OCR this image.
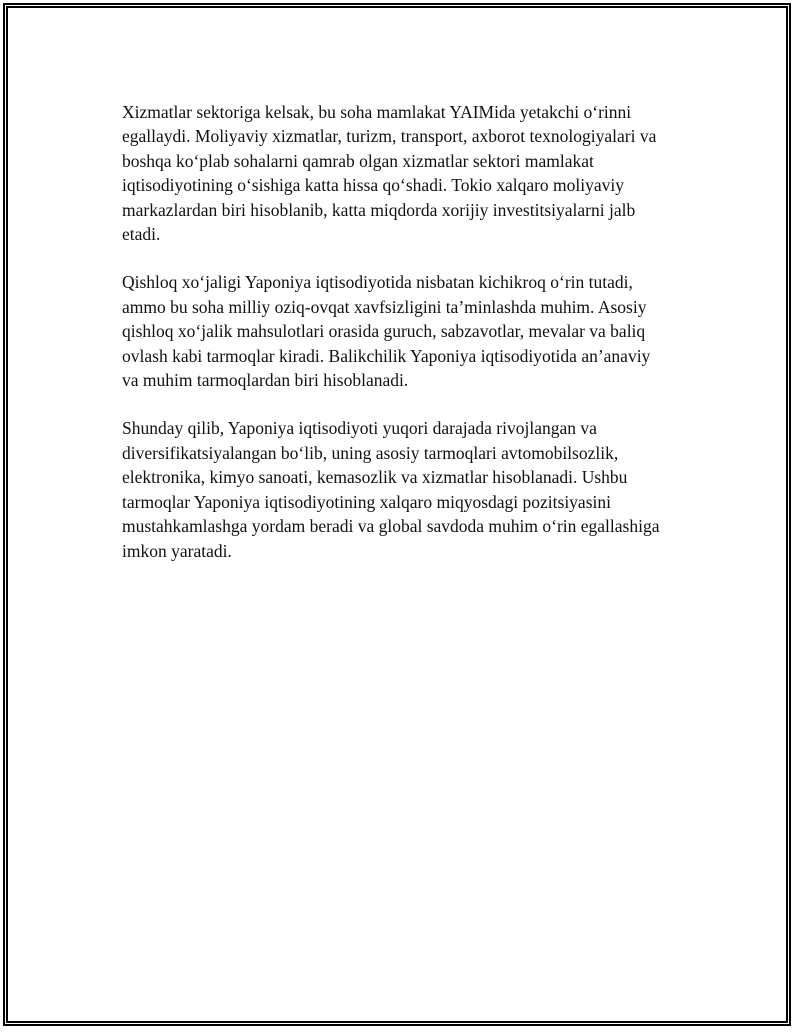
Xizmatlar sektoriga kelsak, bu soha mamlakat YAIMida yetakchi o‘rinni
egallaydi. Moliyaviy xizmatlar, turizm, transport, axborot texnologiyalari va
boshqa ko‘plab sohalarni qamrab olgan xizmatlar sektori mamlakat
iqtisodiyotining o‘sishiga katta hissa qo‘shadi. Tokio xalqaro moliyaviy
markazlardan biri hisoblanib, katta miqdorda xorijiy investitsiyalarni jalb
etadi.

Qishloq xo‘jaligi Yaponiya iqtisodiyotida nisbatan kichikroq o‘rin tutadi,
ammo bu soha milliy oziq-ovqat xavfsizligini ta’minlashda muhim. Asosiy
qishloq xo‘jalik mahsulotlari orasida guruch, sabzavotlar, mevalar va baliq
ovlash kabi tarmoqlar kiradi. Balikchilik Yaponiya iqtisodiyotida an’anaviy
va muhim tarmoqlardan biri hisoblanadi.

Shunday qilib, Yaponiya iqtisodiyoti yuqori darajada rivojlangan va
diversifikatsiyalangan bo‘lib, uning asosiy tarmoqlari avtomobilsozlik,
elektronika, kimyo sanoati, kemasozlik va xizmatlar hisoblanadi. Ushbu
tarmoqlar Yaponiya iqtisodiyotining xalqaro miqyosdagi pozitsiyasini
mustahkamlashga yordam beradi va global savdoda muhim o‘rin egallashiga
imkon yaratadi.
